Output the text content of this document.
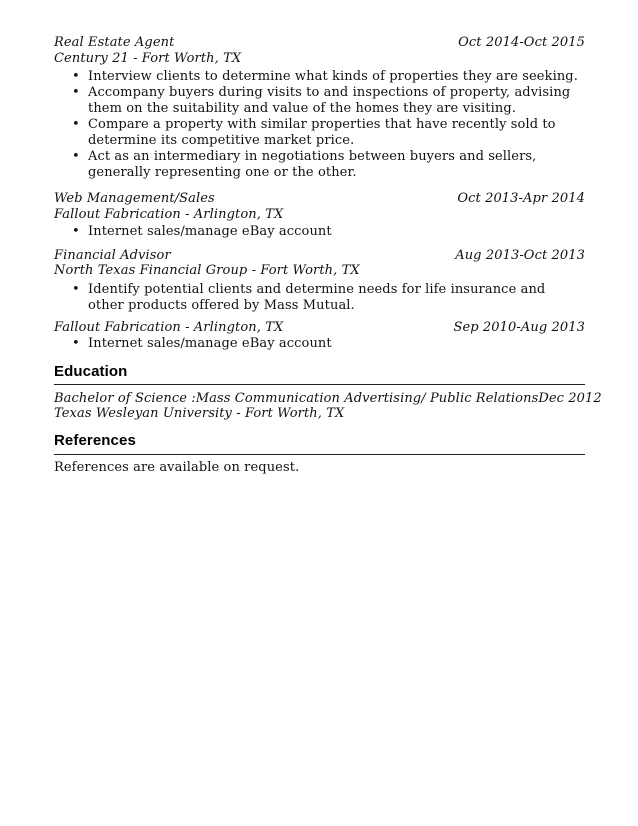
Real Estate Agent	Oct 2014-Oct 2015
Century 21 - Fort Worth, TX
• Interview clients to determine what kinds of properties they are seeking.
• Accompany buyers during visits to and inspections of property, advising them on the suitability and value of the homes they are visiting.
• Compare a property with similar properties that have recently sold to determine its competitive market price.
• Act as an intermediary in negotiations between buyers and sellers, generally representing one or the other.
Web Management/Sales	Oct 2013-Apr 2014
Fallout Fabrication - Arlington, TX
• Internet sales/manage eBay account
Financial Advisor	Aug 2013-Oct 2013
North Texas Financial Group - Fort Worth, TX
• Identify potential clients and determine needs for life insurance and other products offered by Mass Mutual.
Fallout Fabrication - Arlington, TX	Sep 2010-Aug 2013
• Internet sales/manage eBay account
Education
Bachelor of Science :Mass Communication Advertising/ Public Relations Dec 2012
Texas Wesleyan University - Fort Worth, TX
References
References are available on request.
